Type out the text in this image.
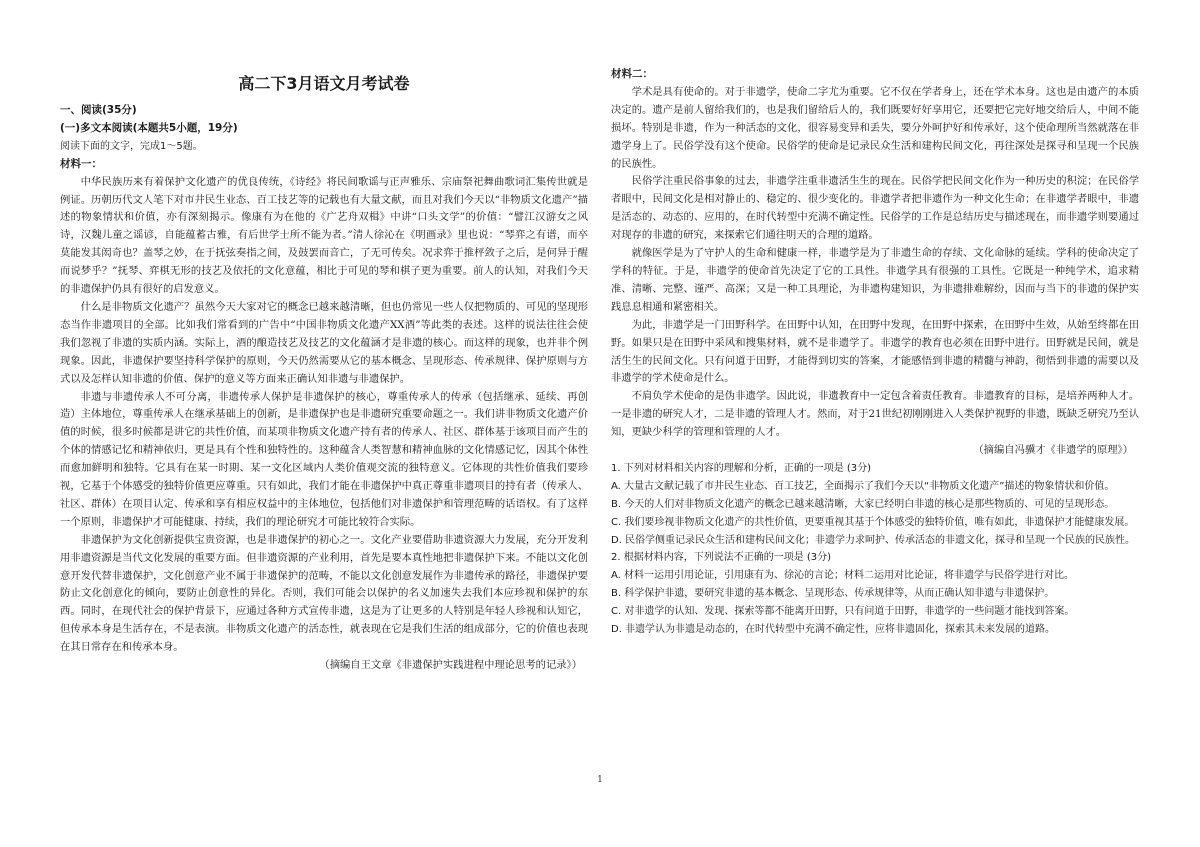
高二下3月语文月考试卷
一、阅读(35分)
(一)多文本阅读(本题共5小题，19分)
阅读下面的文字，完成1～5题。
材料一：

中华民族历来有着保护文化遗产的优良传统，《诗经》将民间歌谣与正声雅乐、宗庙祭祀舞曲歌词汇集传世就是例证。历朝历代文人笔下对市井民生业态、百工技艺等的记载也有大量文献，而且对我们今天以“非物质文化遗产”描述的物象情状和价值，亦有深刻揭示。像康有为在他的《广艺舟双楫》中讲“口头文学”的价值：“譬江汉游女之风诗，汉魏儿童之谣谚，自能蕴蓄古雅，有后世学士所不能为者。”清人徐沁在《明画录》里也说：“琴弈之有谱，而卒莫能发其闳奇也？盖琴之妙，在于抚弦奏指之间，及鼓罢而音亡，了无可传矣。况求弈于推枰敛子之后，是何异于醒而说梦乎？”抚琴、弈棋无形的技艺及依托的文化意蕴，相比于可见的琴和棋子更为重要。前人的认知，对我们今天的非遗保护仍具有很好的启发意义。

什么是非物质文化遗产？虽然今天大家对它的概念已越来越清晰，但也仍常见一些人仅把物质的、可见的坚现形态当作非遗项目的全部。比如我们常看到的广告中“中国非物质文化遗产XX酒”等此类的表述。这样的说法往往会使我们忽视了非遗的实质内涵。实际上，酒的酿造技艺及技艺的文化蕴涵才是非遗的核心。而这样的现象，也并非个例现象。因此，非遗保护要坚持科学保护的原则，今天仍然需要从它的基本概念、呈现形态、传承规律、保护原则与方式以及怎样认知非遗的价值、保护的意义等方面来正确认知非遗与非遗保护。

非遗与非遗传承人不可分离，非遗传承人保护是非遗保护的核心，尊重传承人的传承（包括继承、延续、再创造）主体地位，尊重传承人在继承基础上的创新，是非遗保护也是非遗研究重要命题之一。我们讲非物质文化遗产价值的时候，很多时候都是讲它的共性价值，而某项非物质文化遗产持有者的传承人、社区、群体基于该项目而产生的个体的情感记忆和精神依归，更是具有个性和独特性的。这种蕴含人类智慧和精神血脉的文化情感记忆，因其个体性而愈加鲜明和独特。它具有在某一时期、某一文化区域内人类价值观交流的独特意义。它体现的共性价值我们要珍视，它基于个体感受的独特价值更应尊重。只有如此，我们才能在非遗保护中真正尊重非遗项目的持有者（传承人、社区、群体）在项目认定、传承和享有相应权益中的主体地位，包括他们对非遗保护和管理范畴的话语权。有了这样一个原则，非遗保护才可能健康、持续，我们的理论研究才可能比较符合实际。

非遗保护为文化创新提供宝贵资源，也是非遗保护的初心之一。文化产业要借助非遗资源大力发展，充分开发利用非遗资源是当代文化发展的重要方面。但非遗资源的产业利用，首先是要本真性地把非遗保护下来。不能以文化创意开发代替非遗保护，文化创意产业不属于非遗保护的范畴，不能以文化创意发展作为非遗传承的路径，非遗保护要防止文化创意化的倾向，要防止创意性的异化。否则，我们可能会以保护的名义加速失去我们本应珍视和保护的东西。同时，在现代社会的保护背景下，应通过各种方式宣传非遗，这是为了让更多的人特别是年轻人珍视和认知它，但传承本身是生活存在，不是表演。非物质文化遗产的活态性，就表现在它是我们生活的组成部分，它的价值也表现在其日常存在和传承本身。

（摘编自王文章《非遗保护实践进程中理论思考的记录》）

材料二：

学术是具有使命的。对于非遗学，使命二字尤为重要。它不仅在学者身上，还在学术本身。这也是由遗产的本质决定的。遗产是前人留给我们的，也是我们留给后人的，我们既要好好享用它，还要把它完好地交给后人，中间不能损坏。特别是非遗，作为一种活态的文化，很容易变异和丢失，要分外呵护好和传承好，这个使命理所当然就落在非遗学身上了。民俗学没有这个使命。民俗学的使命是记录民众生活和建构民间文化，再往深处是探寻和呈现一个民族的民族性。

民俗学注重民俗事象的过去，非遗学注重非遗活生生的现在。民俗学把民间文化作为一种历史的积淀；在民俗学者眼中，民间文化是相对静止的、稳定的、很少变化的。非遗学者把非遗作为一种文化生命；在非遗学者眼中，非遗是活态的、动态的、应用的，在时代转型中充满不确定性。民俗学的工作是总结历史与描述现在，而非遗学则要通过对现存的非遗的研究，来探索它们通往明天的合理的道路。

就像医学是为了守护人的生命和健康一样，非遗学是为了非遗生命的存续、文化命脉的延续。学科的使命决定了学科的特征。于是，非遗学的使命首先决定了它的工具性。非遗学具有很强的工具性。它既是一种纯学术，追求精准、清晰、完整、谨严、高深；又是一种工具理论，为非遗构建知识，为非遗排难解纷，因而与当下的非遗的保护实践息息相通和紧密相关。

为此，非遗学是一门田野科学。在田野中认知，在田野中发现，在田野中探索，在田野中生效，从始至终都在田野。如果只是在田野中采风和搜集材料，就不是非遗学了。非遗学的教育也必须在田野中进行。田野就是民间，就是活生生的民间文化。只有问道于田野，才能得到切实的答案，才能感悟到非遗的精髓与神韵，彻悟到非遗的需要以及非遗学的学术使命是什么。

不肩负学术使命的是伪非遗学。因此说，非遗教育中一定包含着责任教育。非遗教育的目标，是培养两种人才。一是非遗的研究人才，二是非遗的管理人才。然而，对于21世纪初刚刚进入人类保护视野的非遗，既缺乏研究乃至认知，更缺少科学的管理和管理的人才。

（摘编自冯骥才《非遗学的原理》）

1. 下列对材料相关内容的理解和分析，正确的一项是 (3分)
A. 大量古文献记载了市井民生业态、百工技艺，全面揭示了我们今天以“非物质文化遗产”描述的物象情状和价值。
B. 今天的人们对非物质文化遗产的概念已越来越清晰，大家已经明白非遗的核心是那些物质的、可见的呈现形态。
C. 我们要珍视非物质文化遗产的共性价值，更要重视其基于个体感受的独特价值，唯有如此，非遗保护才能健康发展。
D. 民俗学侧重记录民众生活和建构民间文化；非遗学力求呵护、传承活态的非遗文化，探寻和呈现一个民族的民族性。
2. 根据材料内容，下列说法不正确的一项是 (3分)
A. 材料一运用引用论证，引用康有为、徐沁的言论；材料二运用对比论证，将非遗学与民俗学进行对比。
B. 科学保护非遗，要研究非遗的基本概念、呈现形态、传承规律等，从而正确认知非遗与非遗保护。
C. 对非遗学的认知、发现、探索等都不能离开田野，只有问道于田野，非遗学的一些问题才能找到答案。
D. 非遗学认为非遗是动态的，在时代转型中充满不确定性，应将非遗固化，探索其未来发展的道路。
1
